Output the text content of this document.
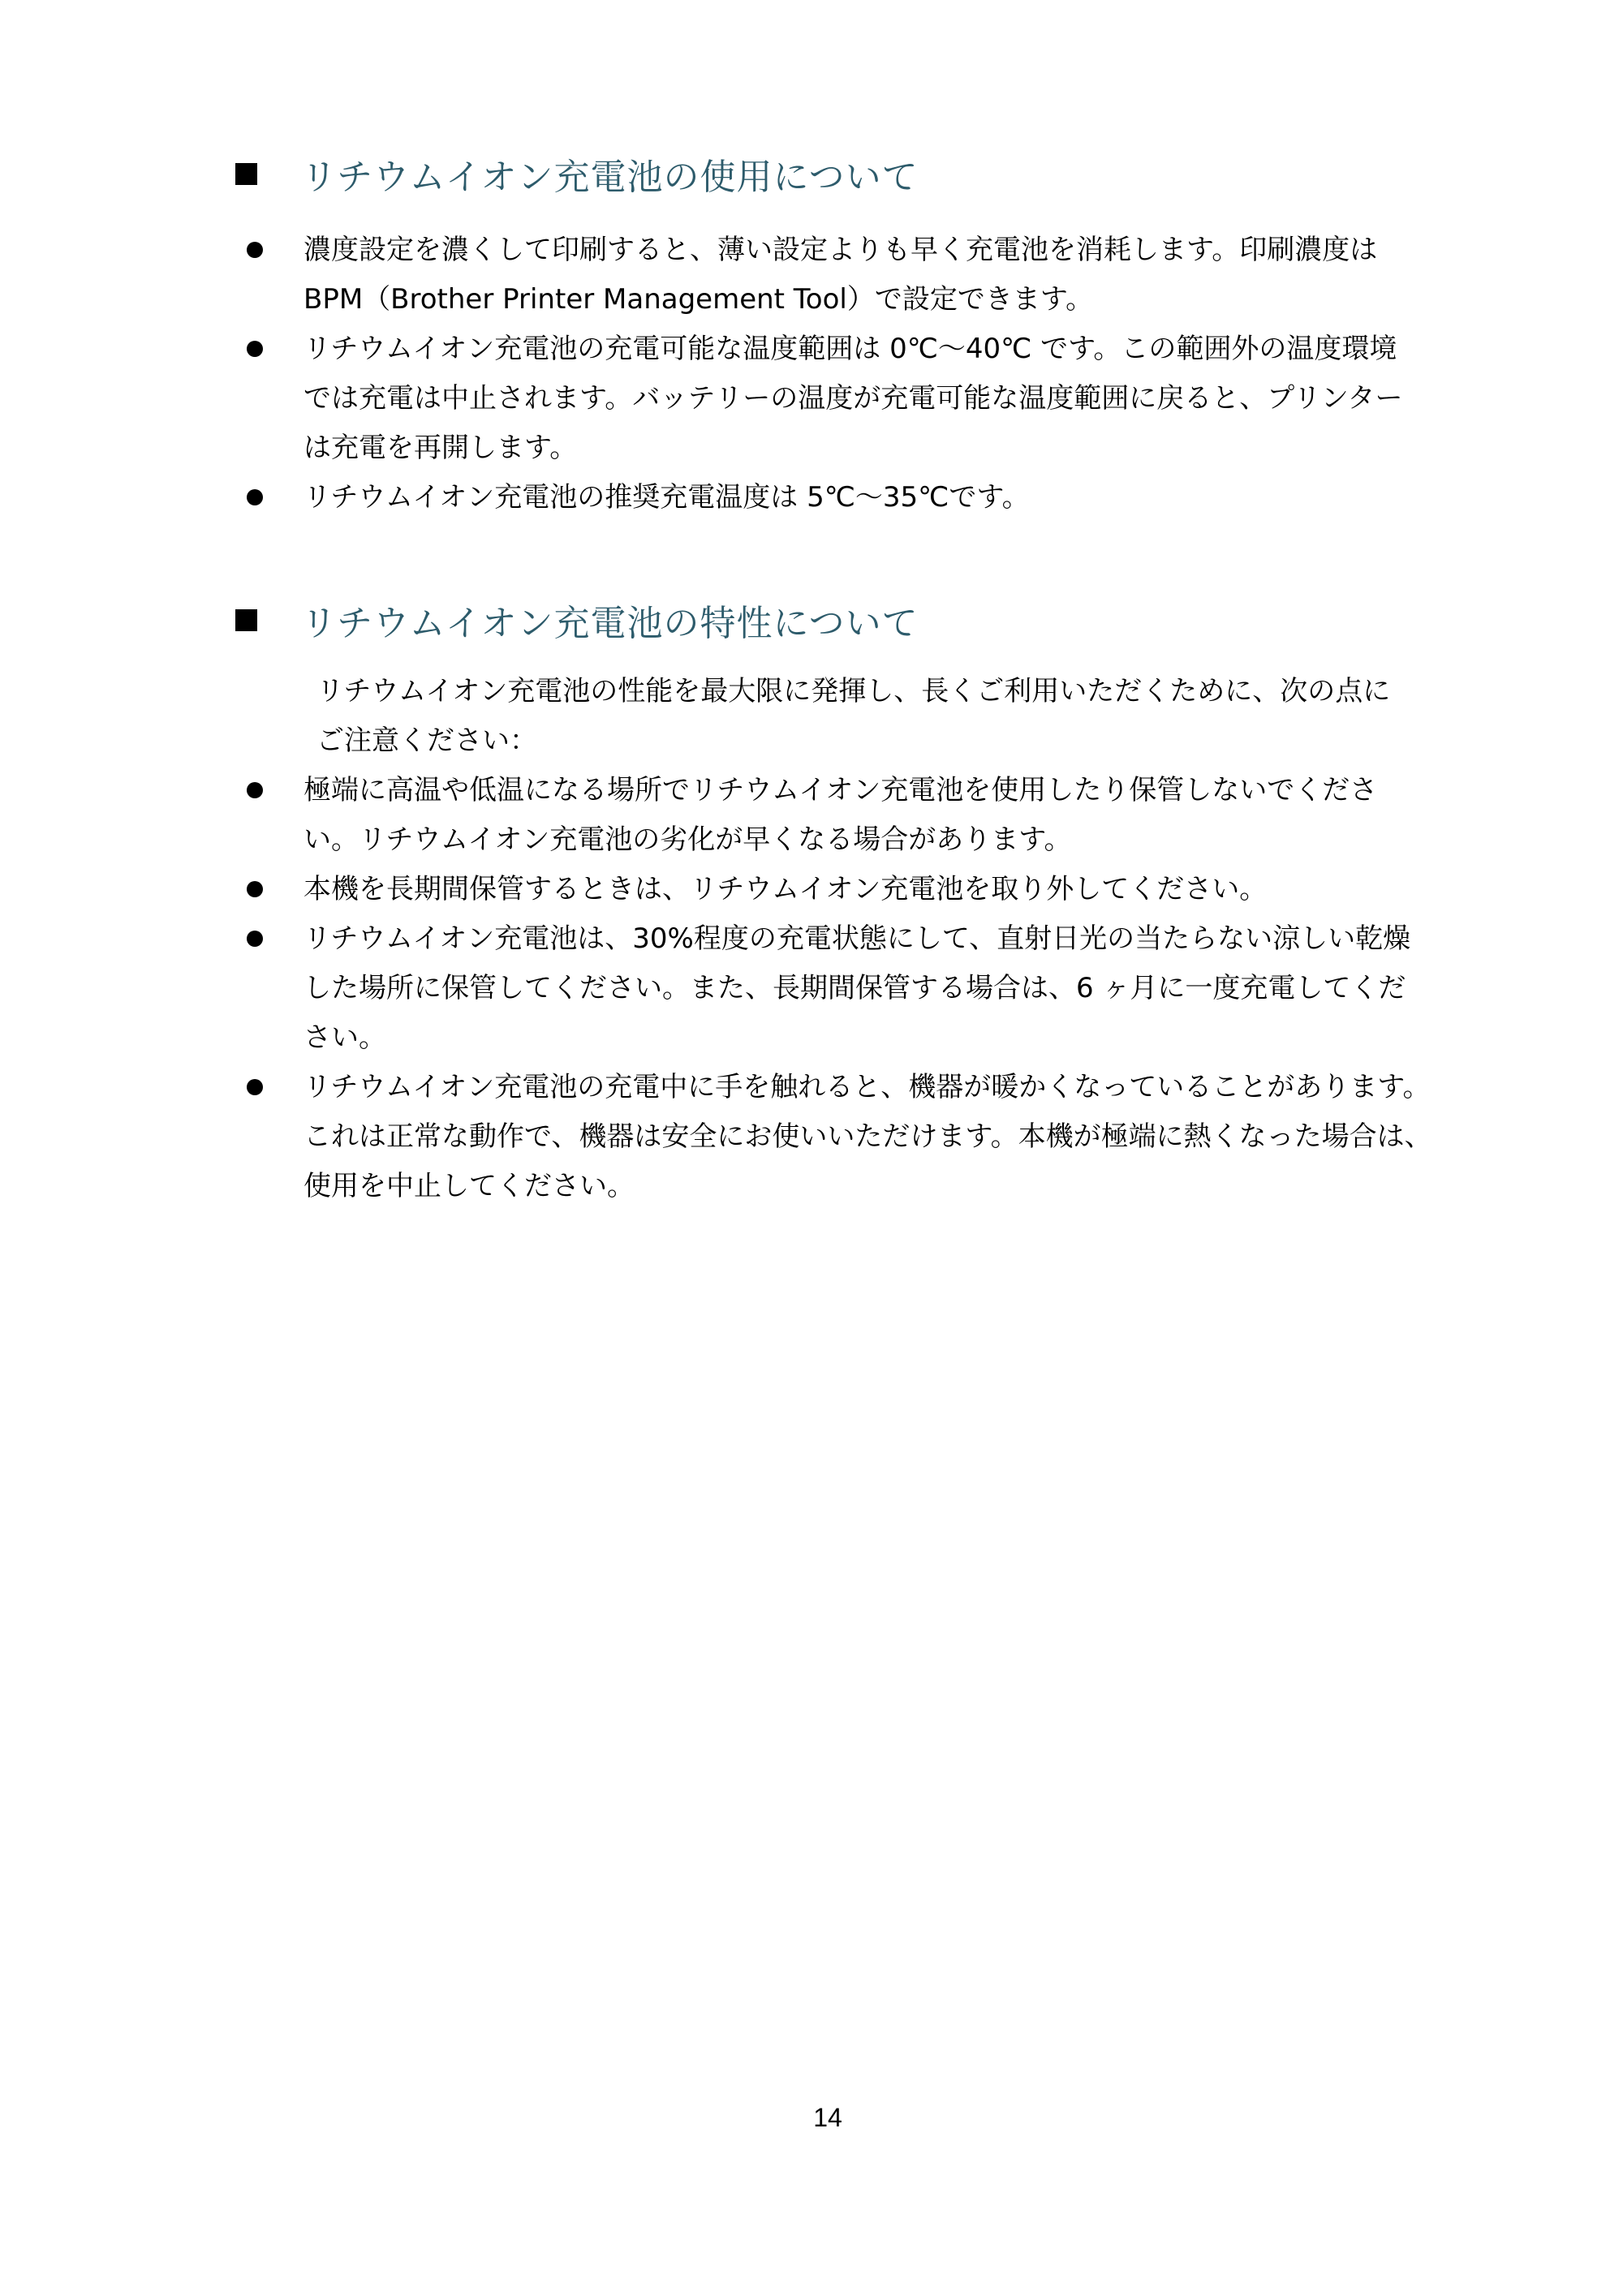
リチウムイオン充電池の使用について
濃度設定を濃くして印刷すると、薄い設定よりも早く充電池を消耗します。印刷濃度は
BPM（Brother Printer Management Tool）で設定できます。
リチウムイオン充電池の充電可能な温度範囲は 0℃～40℃ です。この範囲外の温度環境
では充電は中止されます。バッテリーの温度が充電可能な温度範囲に戻ると、プリンター
は充電を再開します。
リチウムイオン充電池の推奨充電温度は 5℃～35℃です。
リチウムイオン充電池の特性について
リチウムイオン充電池の性能を最大限に発揮し、長くご利用いただくために、次の点に
ご注意ください：
極端に高温や低温になる場所でリチウムイオン充電池を使用したり保管しないでくださ
い。リチウムイオン充電池の劣化が早くなる場合があります。
本機を長期間保管するときは、リチウムイオン充電池を取り外してください。
リチウムイオン充電池は、30%程度の充電状態にして、直射日光の当たらない涼しい乾燥
した場所に保管してください。また、長期間保管する場合は、6 ヶ月に一度充電してくだ
さい。
リチウムイオン充電池の充電中に手を触れると、機器が暖かくなっていることがあります。
これは正常な動作で、機器は安全にお使いいただけます。本機が極端に熱くなった場合は、
使用を中止してください。
14
